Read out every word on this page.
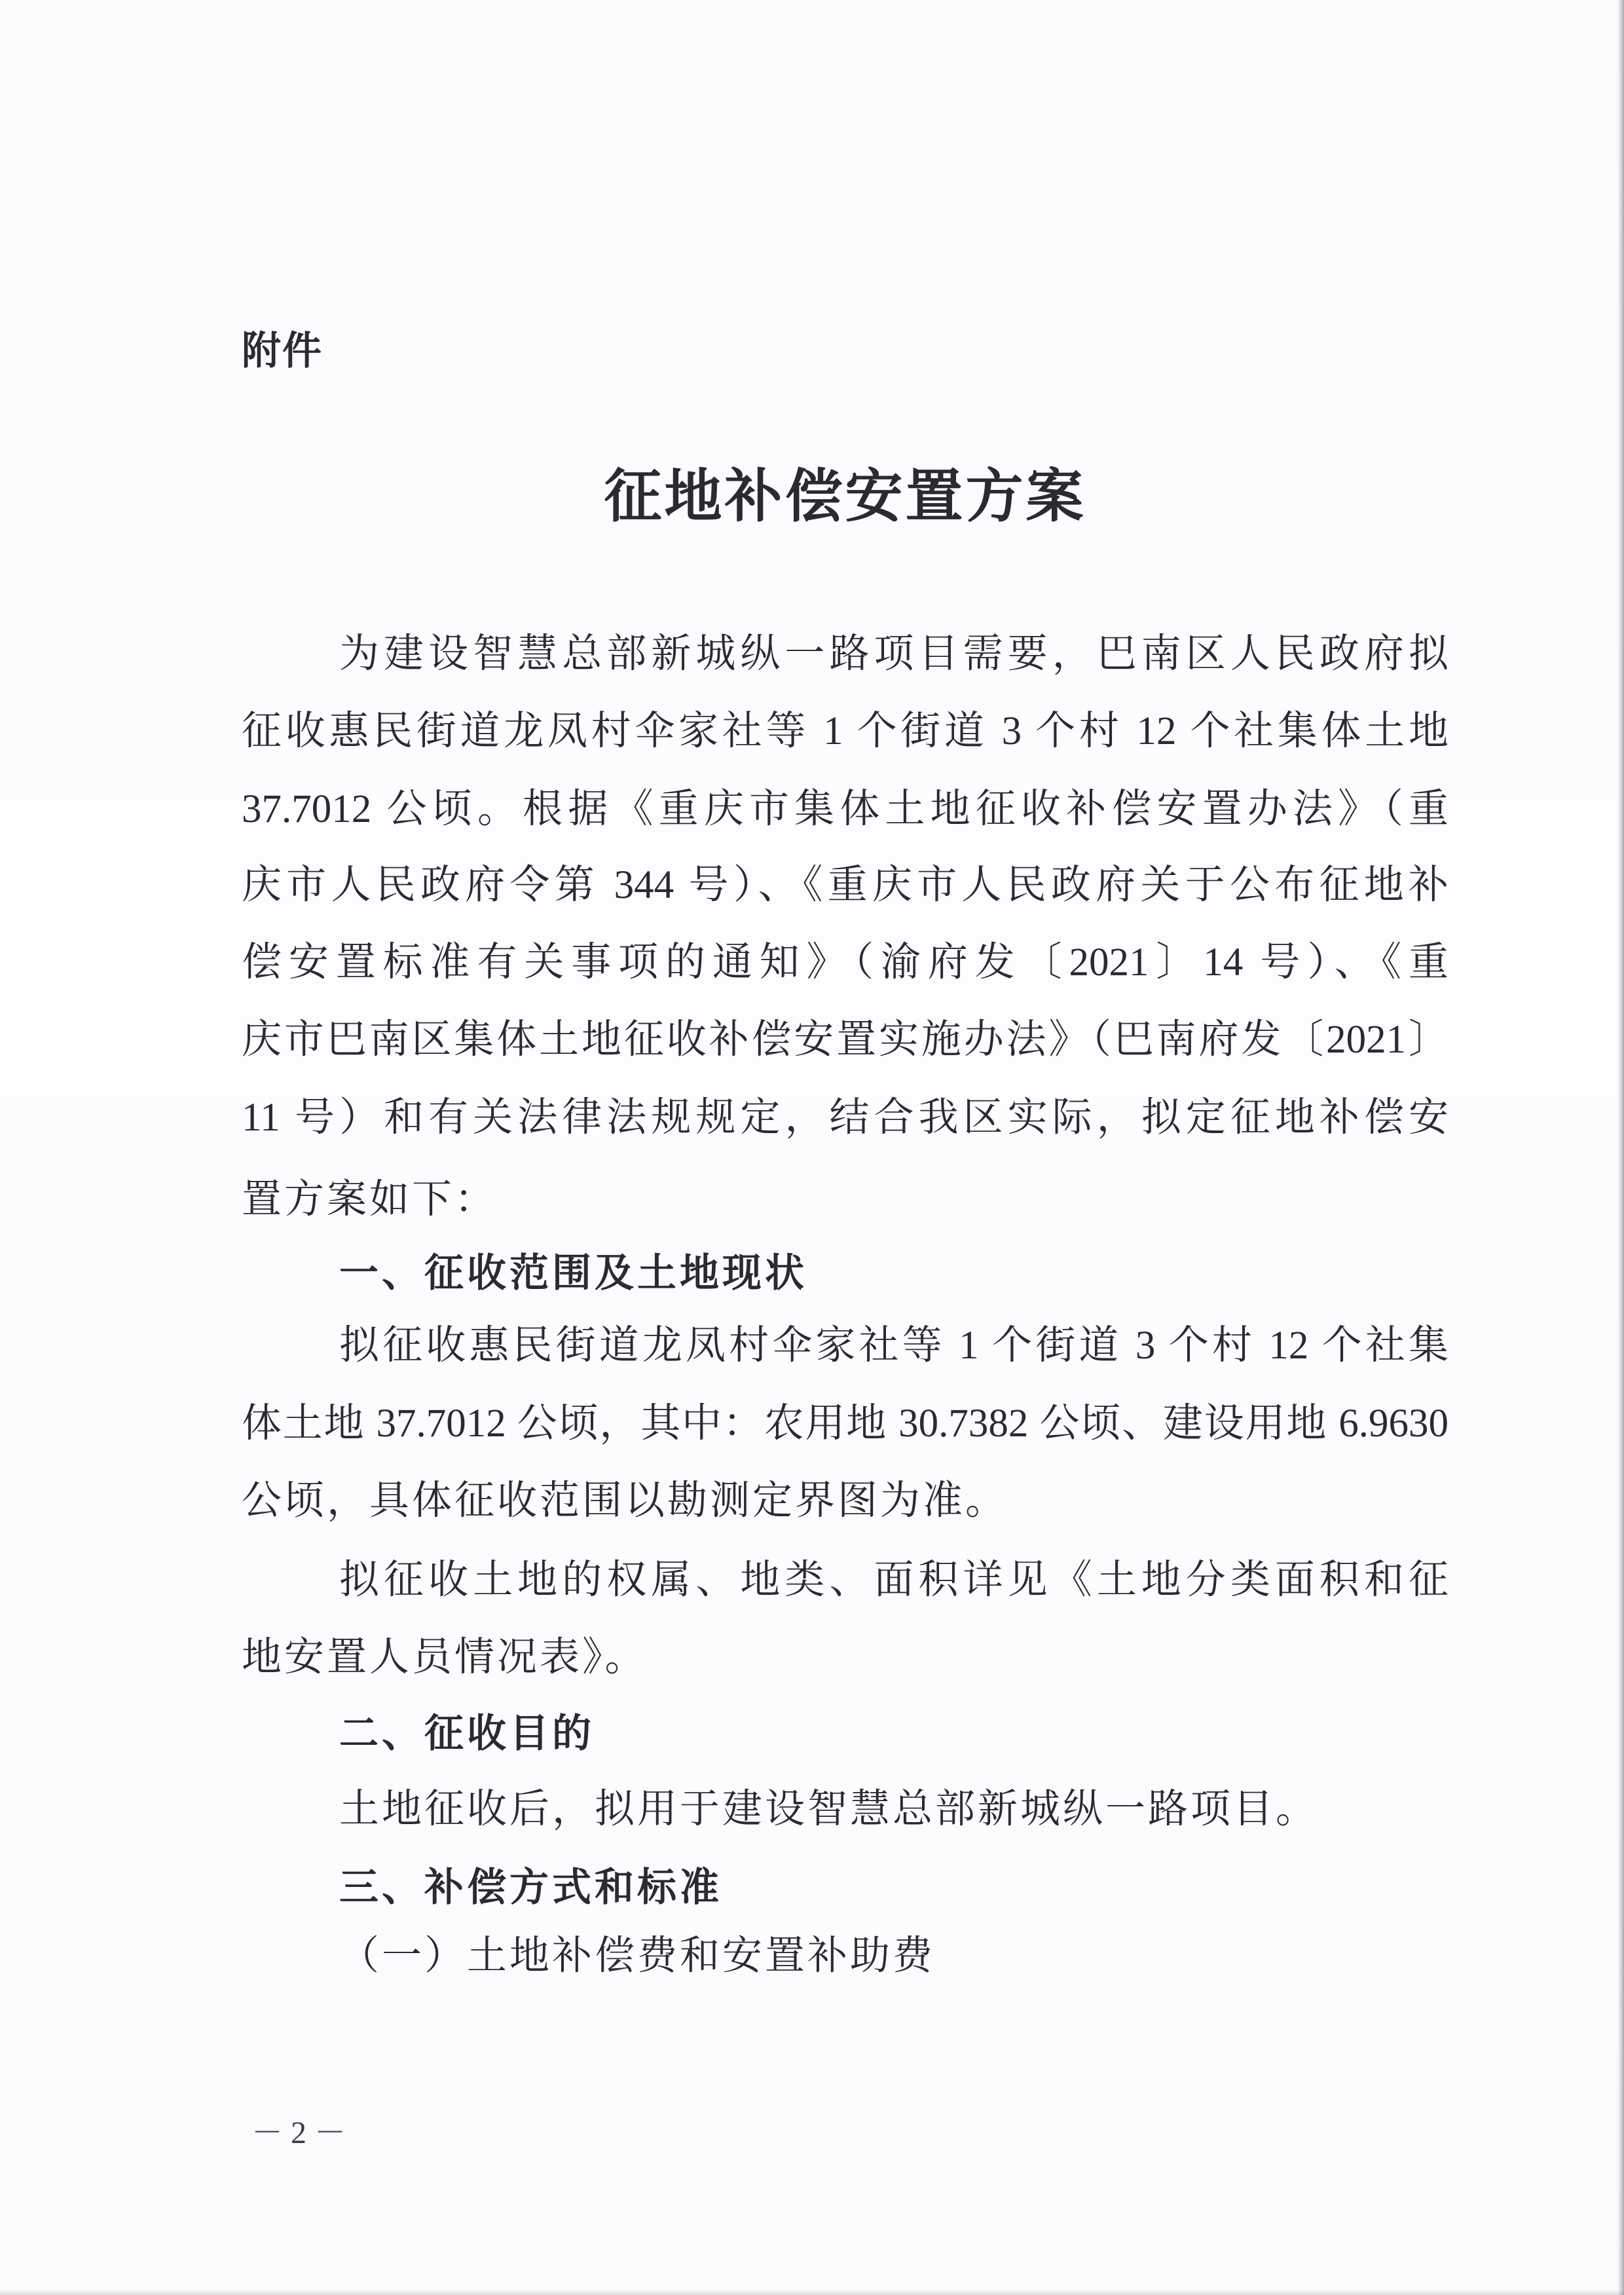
附件
征地补偿安置方案
为建设智慧总部新城纵一路项目需要，巴南区人民政府拟
征收惠民街道龙凤村伞家社等 1 个街道 3 个村 12 个社集体土地
37.7012 公顷。根据《重庆市集体土地征收补偿安置办法》（重
庆市人民政府令第 344 号）、《重庆市人民政府关于公布征地补
偿安置标准有关事项的通知》（渝府发〔2021〕14 号）、《重
庆市巴南区集体土地征收补偿安置实施办法》（巴南府发〔2021〕
11 号）和有关法律法规规定，结合我区实际，拟定征地补偿安
置方案如下：
一、征收范围及土地现状
拟征收惠民街道龙凤村伞家社等 1 个街道 3 个村 12 个社集
体土地 37.7012 公顷，其中：农用地 30.7382 公顷、建设用地 6.9630
公顷，具体征收范围以勘测定界图为准。
拟征收土地的权属、地类、面积详见《土地分类面积和征
地安置人员情况表》。
二、征收目的
土地征收后，拟用于建设智慧总部新城纵一路项目。
三、补偿方式和标准
（一）土地补偿费和安置补助费
－ 2 －
